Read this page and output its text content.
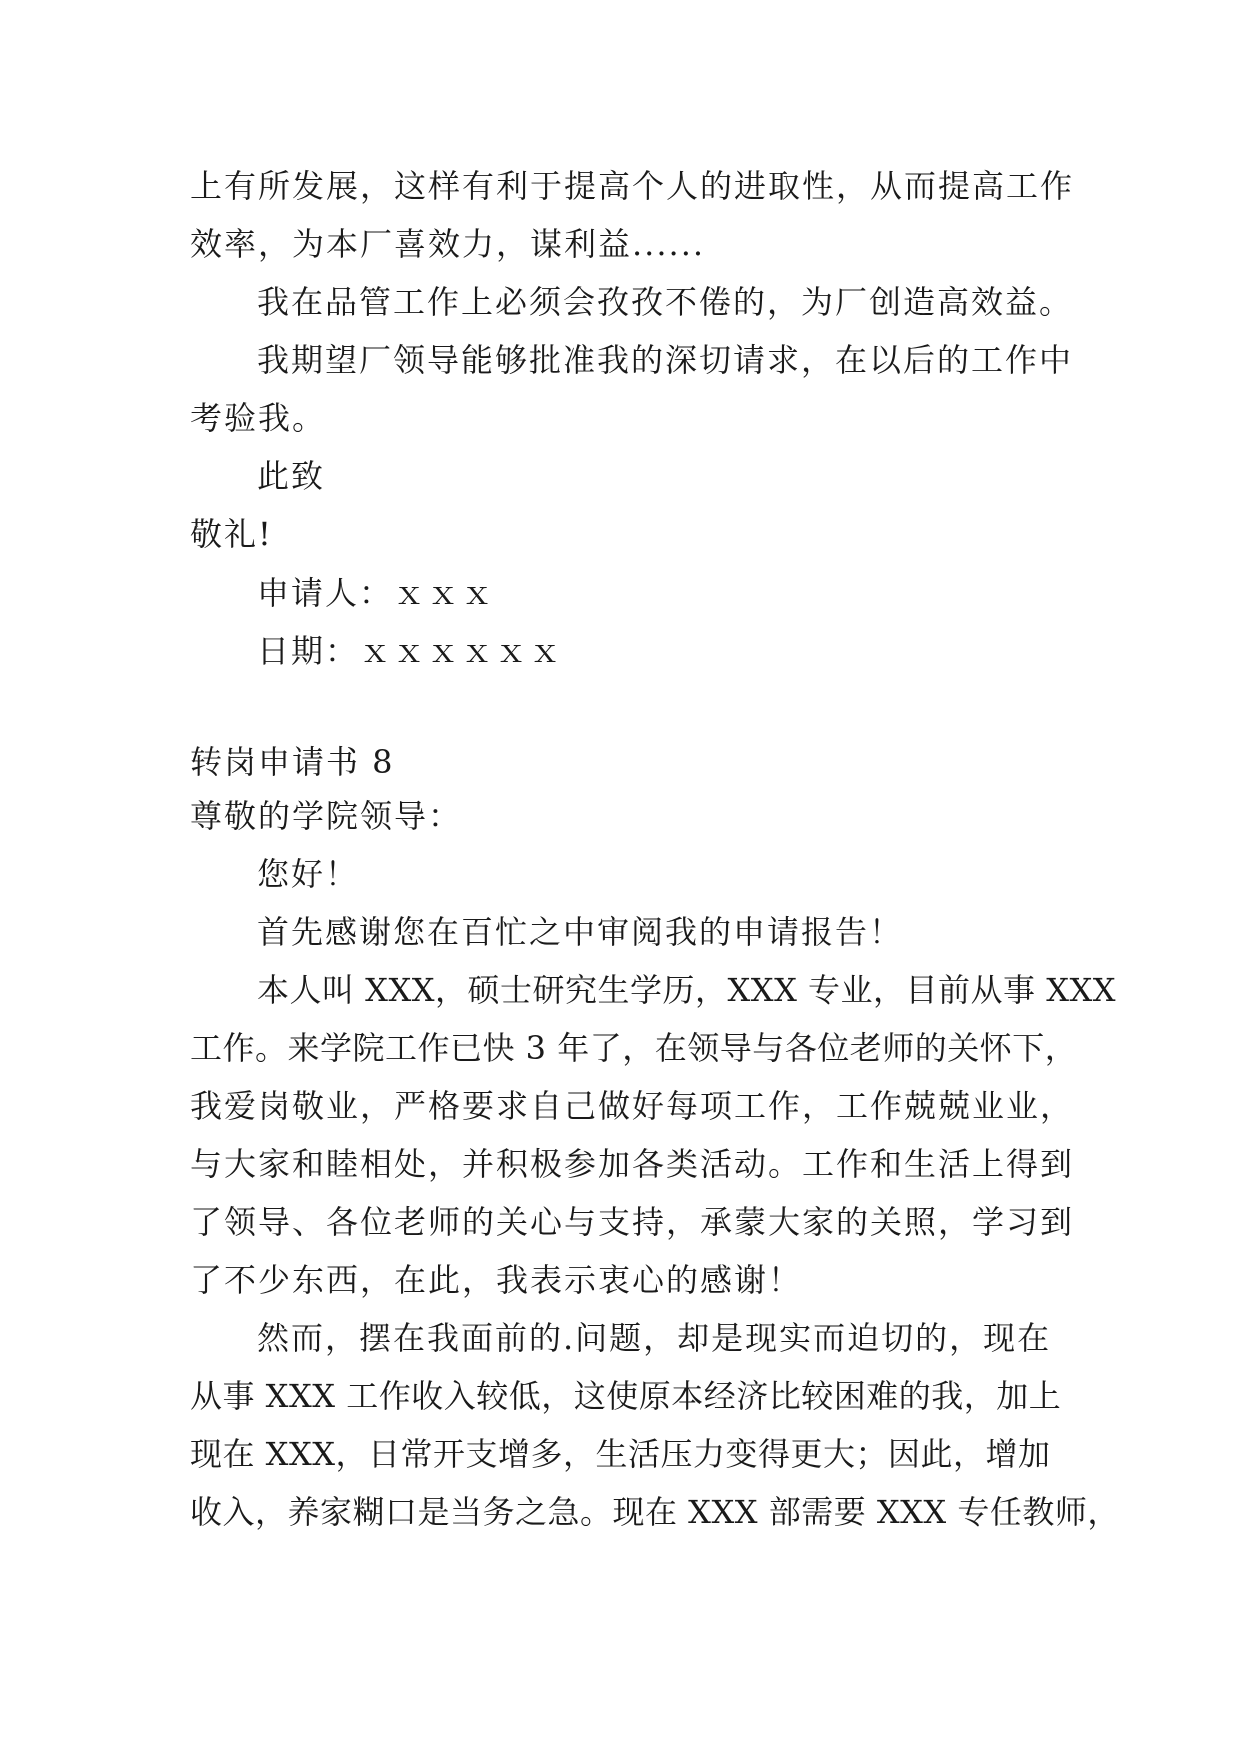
上有所发展，这样有利于提高个人的进取性，从而提高工作
效率，为本厂喜效力，谋利益......
我在品管工作上必须会孜孜不倦的，为厂创造高效益。
我期望厂领导能够批准我的深切请求，在以后的工作中
考验我。
此致
敬礼!
申请人：ｘｘｘ
日期：ｘｘｘｘｘｘ
转岗申请书 8
尊敬的学院领导：
您好！
首先感谢您在百忙之中审阅我的申请报告！
本人叫 XXX，硕士研究生学历，XXX 专业，目前从事 XXX
工作。来学院工作已快 3 年了，在领导与各位老师的关怀下，
我爱岗敬业，严格要求自己做好每项工作，工作兢兢业业，
与大家和睦相处，并积极参加各类活动。工作和生活上得到
了领导、各位老师的关心与支持，承蒙大家的关照，学习到
了不少东西，在此，我表示衷心的感谢！
然而，摆在我面前的.问题，却是现实而迫切的，现在
从事 XXX 工作收入较低，这使原本经济比较困难的我，加上
现在 XXX，日常开支增多，生活压力变得更大；因此，增加
收入，养家糊口是当务之急。现在 XXX 部需要 XXX 专任教师，
